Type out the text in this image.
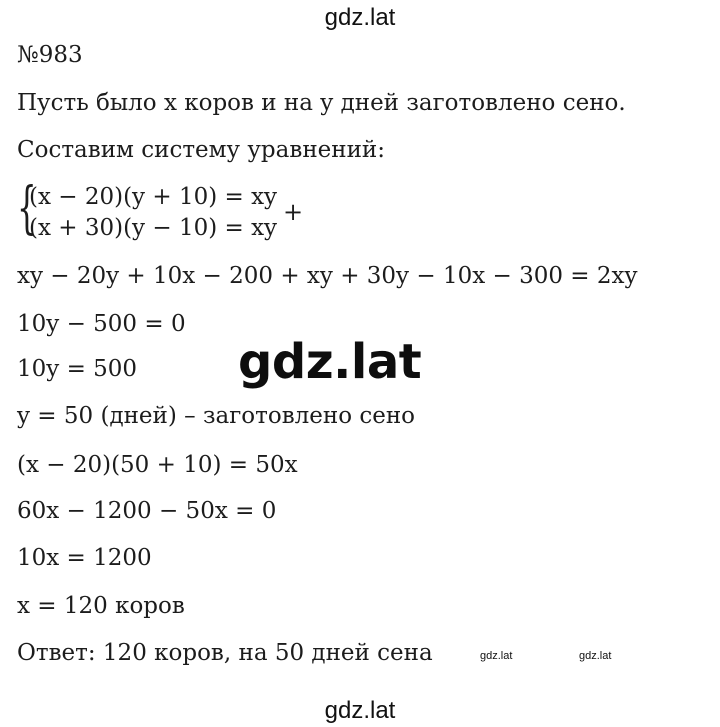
gdz.lat
№983
Пусть было x коров и на y дней заготовлено сено.
Составим систему уравнений:
{
(x − 20)(y + 10) = xy
(x + 30)(y − 10) = xy
+
xy − 20y + 10x − 200 + xy + 30y − 10x − 300 = 2xy
10y − 500 = 0
10y = 500
y = 50 (дней) – заготовлено сено
(x − 20)(50 + 10) = 50x
60x − 1200 − 50x = 0
10x = 1200
x = 120 коров
Ответ: 120 коров, на 50 дней сена
gdz.lat
gdz.lat	gdz.lat
gdz.lat
